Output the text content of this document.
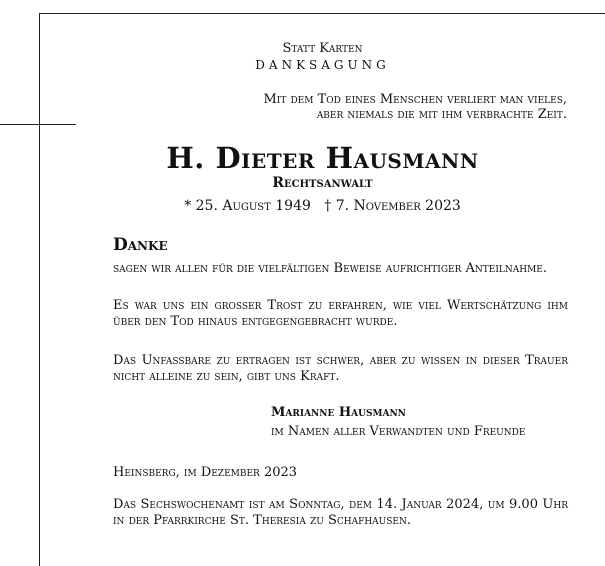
Statt Karten
DANKSAGUNG
Mit dem Tod eines Menschen verliert man vieles,
aber niemals die mit ihm verbrachte Zeit.
H. Dieter Hausmann
Rechtsanwalt
* 25. August 1949   † 7. November 2023
Danke
sagen wir allen für die vielfältigen Beweise aufrichtiger Anteilnahme.
Es war uns ein grosser Trost zu erfahren, wie viel Wertschätzung ihm über den Tod hinaus entgegengebracht wurde.
Das Unfassbare zu ertragen ist schwer, aber zu wissen in dieser Trauer nicht alleine zu sein, gibt uns Kraft.
Marianne Hausmann
im Namen aller Verwandten und Freunde
Heinsberg, im Dezember 2023
Das Sechswochenamt ist am Sonntag, dem 14. Januar 2024, um 9.00 Uhr in der Pfarrkirche St. Theresia zu Schafhausen.
